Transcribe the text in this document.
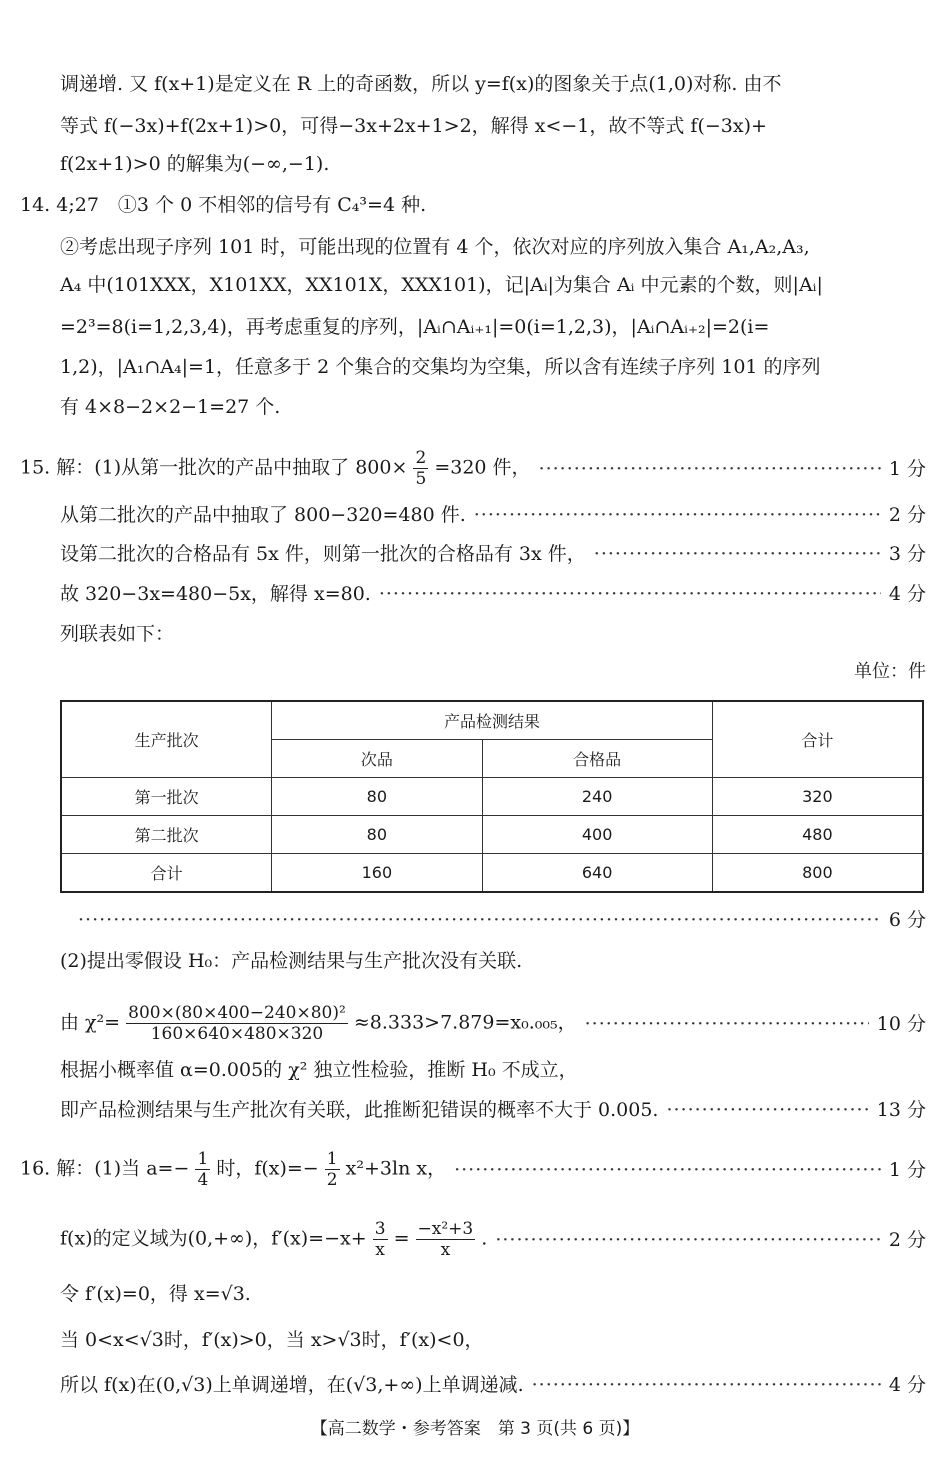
调递增. 又 f(x+1)是定义在 R 上的奇函数，所以 y=f(x)的图象关于点(1,0)对称. 由不
等式 f(−3x)+f(2x+1)>0，可得−3x+2x+1>2，解得 x<−1，故不等式 f(−3x)+
f(2x+1)>0 的解集为(−∞,−1).
14. 4;27　①3 个 0 不相邻的信号有 C₄³=4 种.
②考虑出现子序列 101 时，可能出现的位置有 4 个，依次对应的序列放入集合 A₁,A₂,A₃,
A₄ 中(101XXX，X101XX，XX101X，XXX101)，记|Aᵢ|为集合 Aᵢ 中元素的个数，则|Aᵢ|
=2³=8(i=1,2,3,4)，再考虑重复的序列，|Aᵢ∩Aᵢ₊₁|=0(i=1,2,3)，|Aᵢ∩Aᵢ₊₂|=2(i=
1,2)，|A₁∩A₄|=1，任意多于 2 个集合的交集均为空集，所以含有连续子序列 101 的序列
有 4×8−2×2−1=27 个.
15. 解：(1)从第一批次的产品中抽取了 $800\times \frac{2}{5} =320$ 件， ·····	1 分
从第二批次的产品中抽取了 800−320=480 件. ·····	2 分
设第二批次的合格品有 5x 件，则第一批次的合格品有 3x 件， ·····	3 分
故 320−3x=480−5x，解得 x=80. ·····	4 分
列联表如下：
单位：件
生产批次	产品检测结果		合计
	次品	合格品	
第一批次	80	240	320
第二批次	80	400	480
合计	160	640	800
·····
6 分
(2)提出零假设 H₀：产品检测结果与生产批次没有关联.
由 $\chi^2= \frac{\text{800×(80×400−240×80)²}}{160\times 640\times 480\times 320} \approx 8.333>7.879=x_0._{005}$， ·····	10 分
根据小概率值 α=0.005的 χ² 独立性检验，推断 H₀ 不成立，
即产品检测结果与生产批次有关联，此推断犯错误的概率不大于 0.005. ·····	13 分
16. 解：(1)当 $a=- \frac{1}{4}$ 时，$f(x)=- \frac{1}{2} x^2+3\ln$ x， ·····	1 分
f(x)的定义域为(0,+∞)，$f'(x)=-x+ \frac{3}{x} = \frac{\text{−x²+3}}{x}$ . ·····	2 分
令 f′(x)=0，得 x=√3.
当 0<x<√3时，f′(x)>0，当 x>√3时，f′(x)<0，
所以 f(x)在(0,√3)上单调递增，在(√3,+∞)上单调递减. ·····	4 分
【高二数学・参考答案　第 3 页(共 6 页)】
